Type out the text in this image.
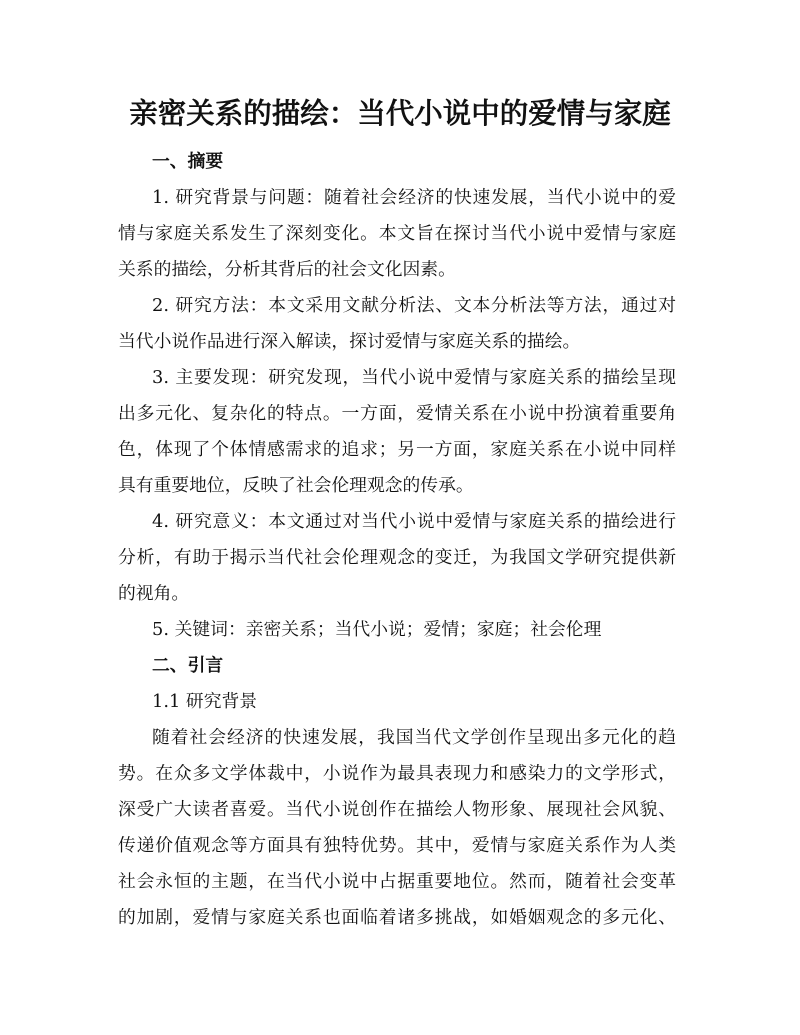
亲密关系的描绘：当代小说中的爱情与家庭
一、摘要
1. 研究背景与问题：随着社会经济的快速发展，当代小说中的爱
情与家庭关系发生了深刻变化。本文旨在探讨当代小说中爱情与家庭
关系的描绘，分析其背后的社会文化因素。
2. 研究方法：本文采用文献分析法、文本分析法等方法，通过对
当代小说作品进行深入解读，探讨爱情与家庭关系的描绘。
3. 主要发现：研究发现，当代小说中爱情与家庭关系的描绘呈现
出多元化、复杂化的特点。一方面，爱情关系在小说中扮演着重要角
色，体现了个体情感需求的追求；另一方面，家庭关系在小说中同样
具有重要地位，反映了社会伦理观念的传承。
4. 研究意义：本文通过对当代小说中爱情与家庭关系的描绘进行
分析，有助于揭示当代社会伦理观念的变迁，为我国文学研究提供新
的视角。
5. 关键词：亲密关系；当代小说；爱情；家庭；社会伦理
二、引言
1.1 研究背景
随着社会经济的快速发展，我国当代文学创作呈现出多元化的趋
势。在众多文学体裁中，小说作为最具表现力和感染力的文学形式，
深受广大读者喜爱。当代小说创作在描绘人物形象、展现社会风貌、
传递价值观念等方面具有独特优势。其中，爱情与家庭关系作为人类
社会永恒的主题，在当代小说中占据重要地位。然而，随着社会变革
的加剧，爱情与家庭关系也面临着诸多挑战，如婚姻观念的多元化、
